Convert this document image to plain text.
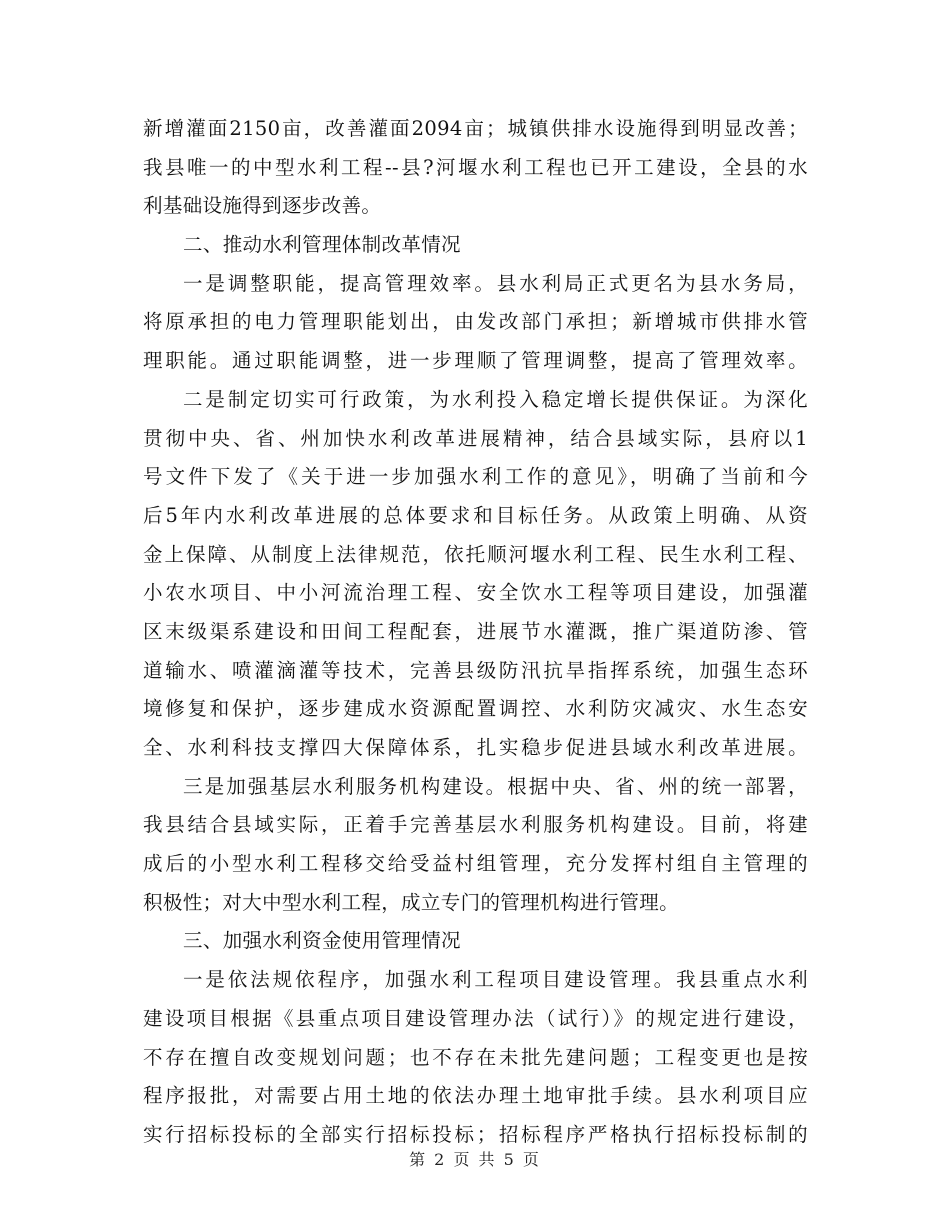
新增灌面2150亩，改善灌面2094亩；城镇供排水设施得到明显改善；
我县唯一的中型水利工程--县?河堰水利工程也已开工建设，全县的水
利基础设施得到逐步改善。
二、推动水利管理体制改革情况
一是调整职能，提高管理效率。县水利局正式更名为县水务局，
将原承担的电力管理职能划出，由发改部门承担；新增城市供排水管
理职能。通过职能调整，进一步理顺了管理调整，提高了管理效率。
二是制定切实可行政策，为水利投入稳定增长提供保证。为深化
贯彻中央、省、州加快水利改革进展精神，结合县域实际，县府以1
号文件下发了《关于进一步加强水利工作的意见》，明确了当前和今
后5年内水利改革进展的总体要求和目标任务。从政策上明确、从资
金上保障、从制度上法律规范，依托顺河堰水利工程、民生水利工程、
小农水项目、中小河流治理工程、安全饮水工程等项目建设，加强灌
区末级渠系建设和田间工程配套，进展节水灌溉，推广渠道防渗、管
道输水、喷灌滴灌等技术，完善县级防汛抗旱指挥系统，加强生态环
境修复和保护，逐步建成水资源配置调控、水利防灾减灾、水生态安
全、水利科技支撑四大保障体系，扎实稳步促进县域水利改革进展。
三是加强基层水利服务机构建设。根据中央、省、州的统一部署，
我县结合县域实际，正着手完善基层水利服务机构建设。目前，将建
成后的小型水利工程移交给受益村组管理，充分发挥村组自主管理的
积极性；对大中型水利工程，成立专门的管理机构进行管理。
三、加强水利资金使用管理情况
一是依法规依程序，加强水利工程项目建设管理。我县重点水利
建设项目根据《县重点项目建设管理办法（试行）》的规定进行建设，
不存在擅自改变规划问题；也不存在未批先建问题；工程变更也是按
程序报批，对需要占用土地的依法办理土地审批手续。县水利项目应
实行招标投标的全部实行招标投标；招标程序严格执行招标投标制的
第 2 页 共 5 页
